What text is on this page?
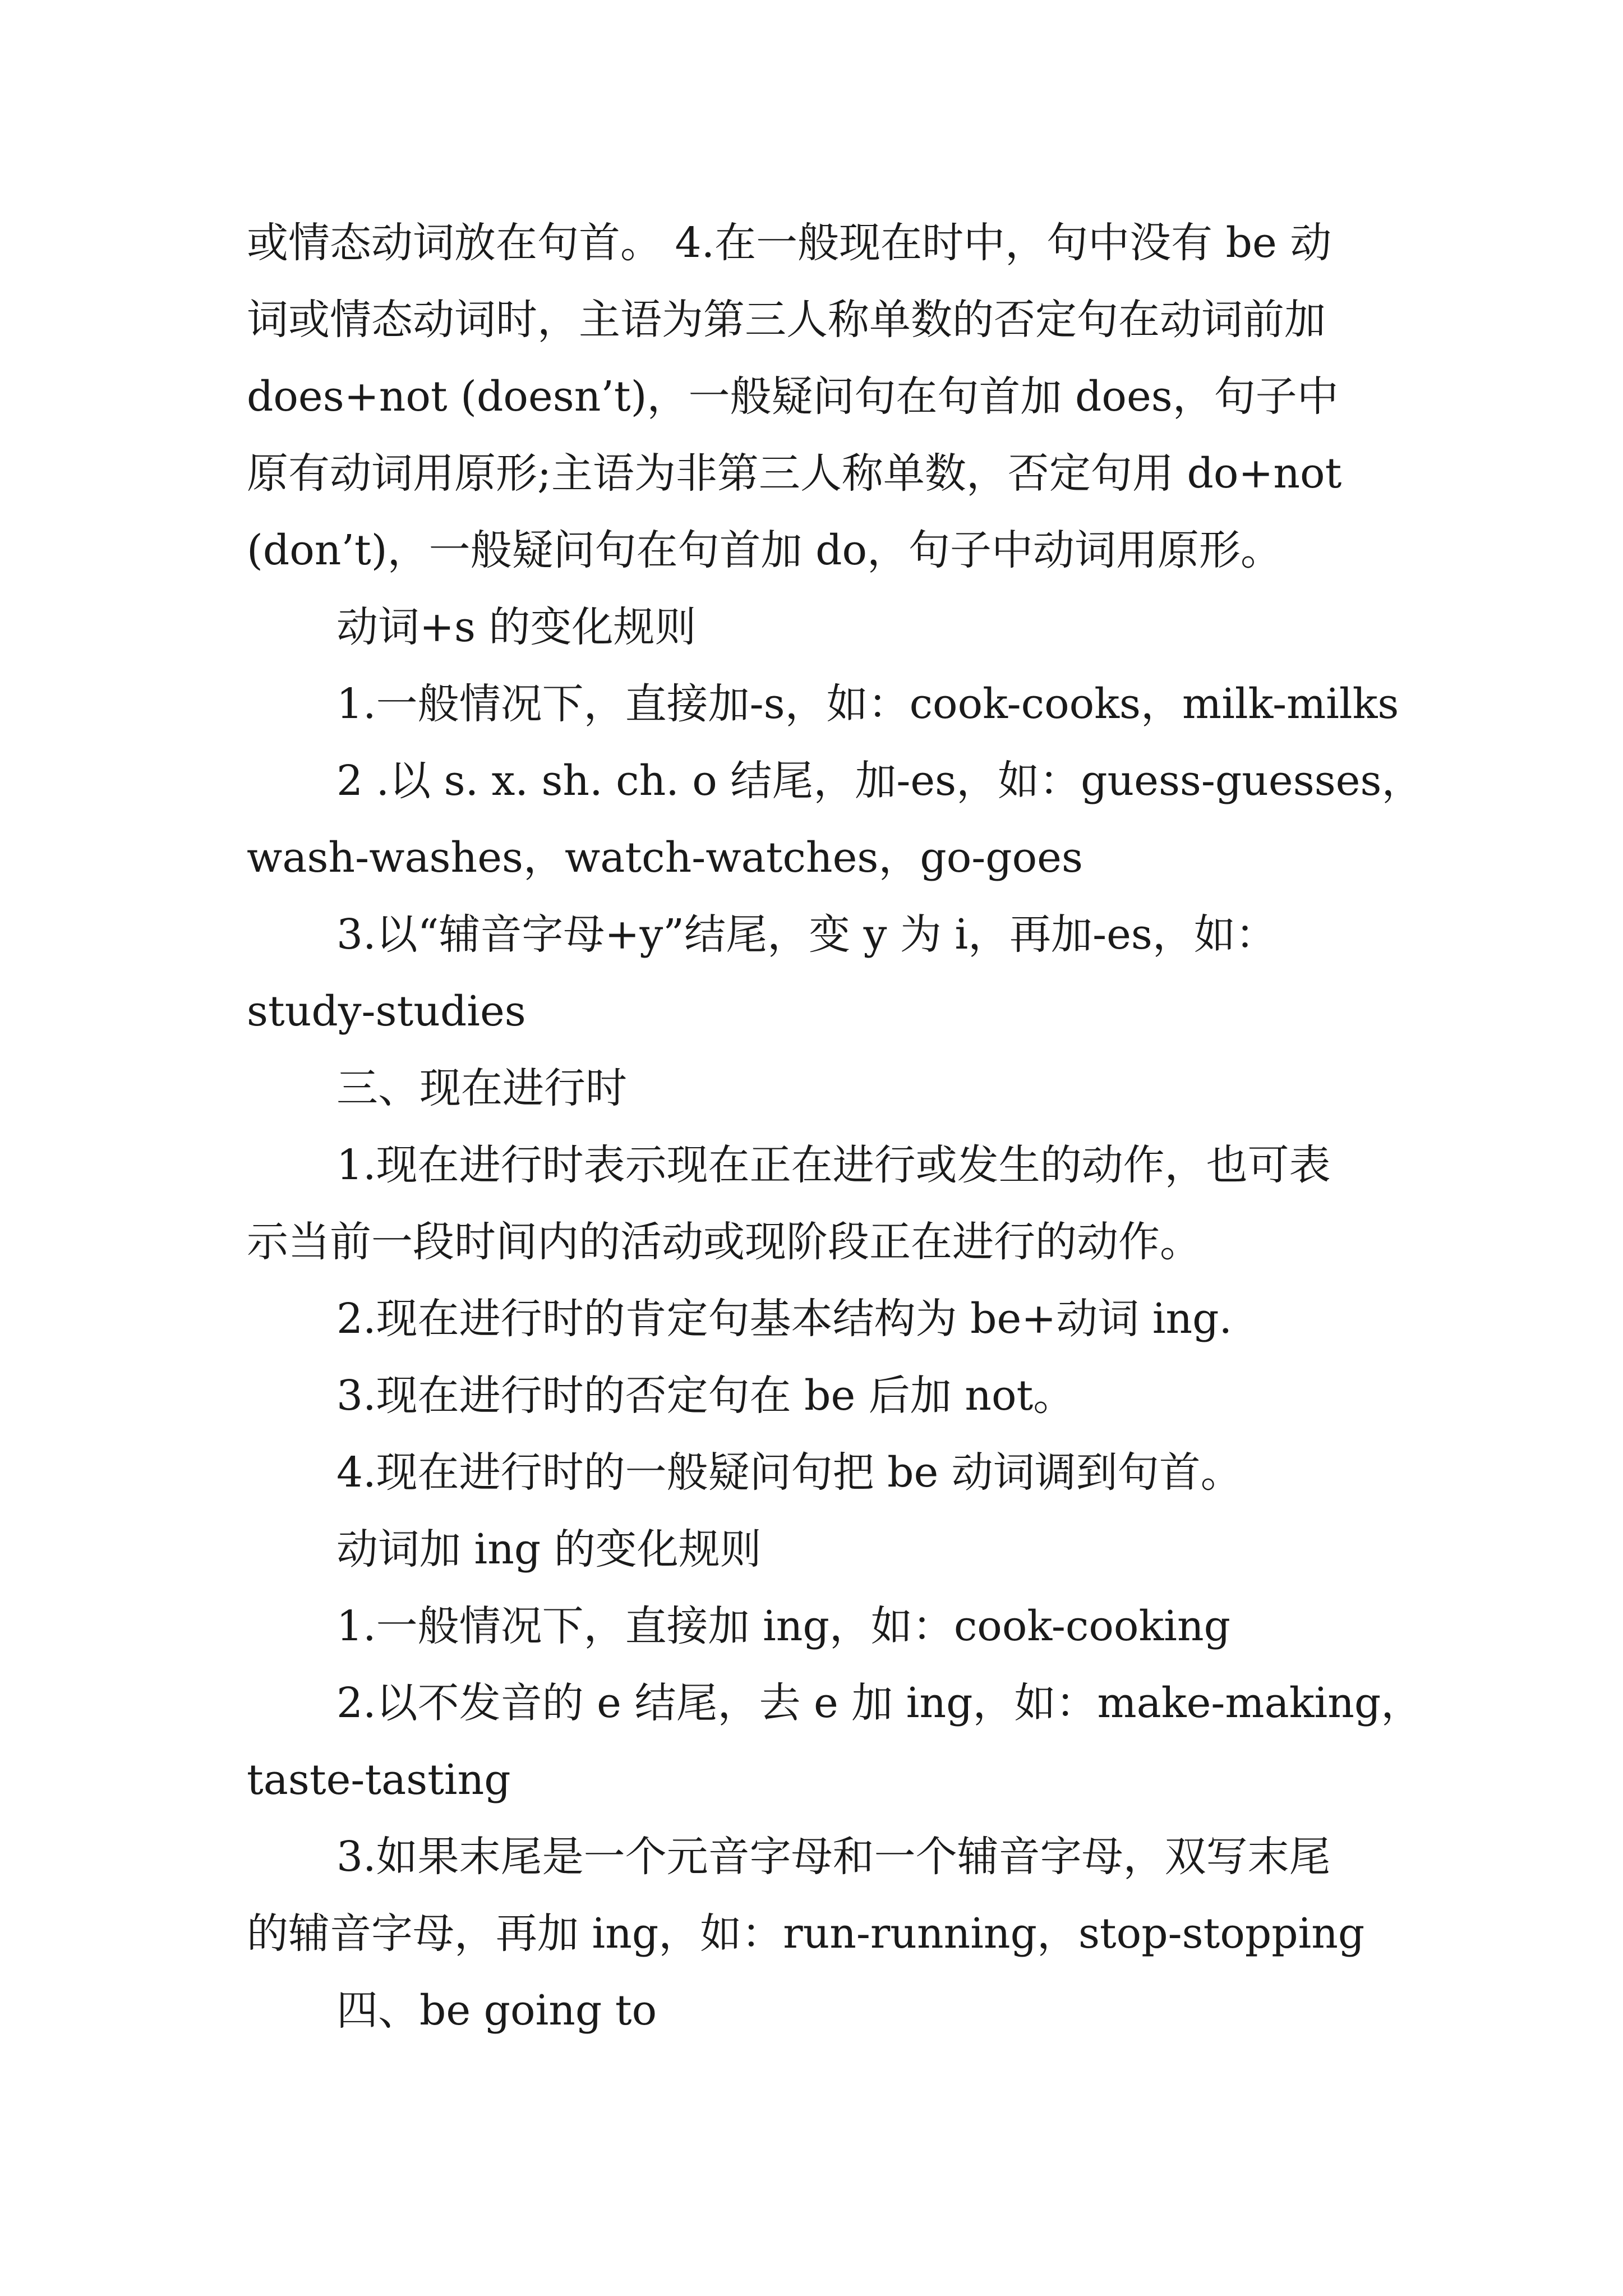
或情态动词放在句首。 4.在一般现在时中，句中没有 be 动
词或情态动词时，主语为第三人称单数的否定句在动词前加
does+not (doesn’t)，一般疑问句在句首加 does，句子中
原有动词用原形;主语为非第三人称单数，否定句用 do+not
(don’t)，一般疑问句在句首加 do，句子中动词用原形。
动词+s 的变化规则
1.一般情况下，直接加-s，如：cook-cooks，milk-milks
2 .以 s. x. sh. ch. o 结尾，加-es，如：guess-guesses，
wash-washes，watch-watches，go-goes
3.以“辅音字母+y”结尾，变 y 为 i，再加-es，如：
study-studies
三、现在进行时
1.现在进行时表示现在正在进行或发生的动作，也可表
示当前一段时间内的活动或现阶段正在进行的动作。
2.现在进行时的肯定句基本结构为 be+动词 ing.
3.现在进行时的否定句在 be 后加 not。
4.现在进行时的一般疑问句把 be 动词调到句首。
动词加 ing 的变化规则
1.一般情况下，直接加 ing，如：cook-cooking
2.以不发音的 e 结尾，去 e 加 ing，如：make-making，
taste-tasting
3.如果末尾是一个元音字母和一个辅音字母，双写末尾
的辅音字母，再加 ing，如：run-running，stop-stopping
四、be going to
